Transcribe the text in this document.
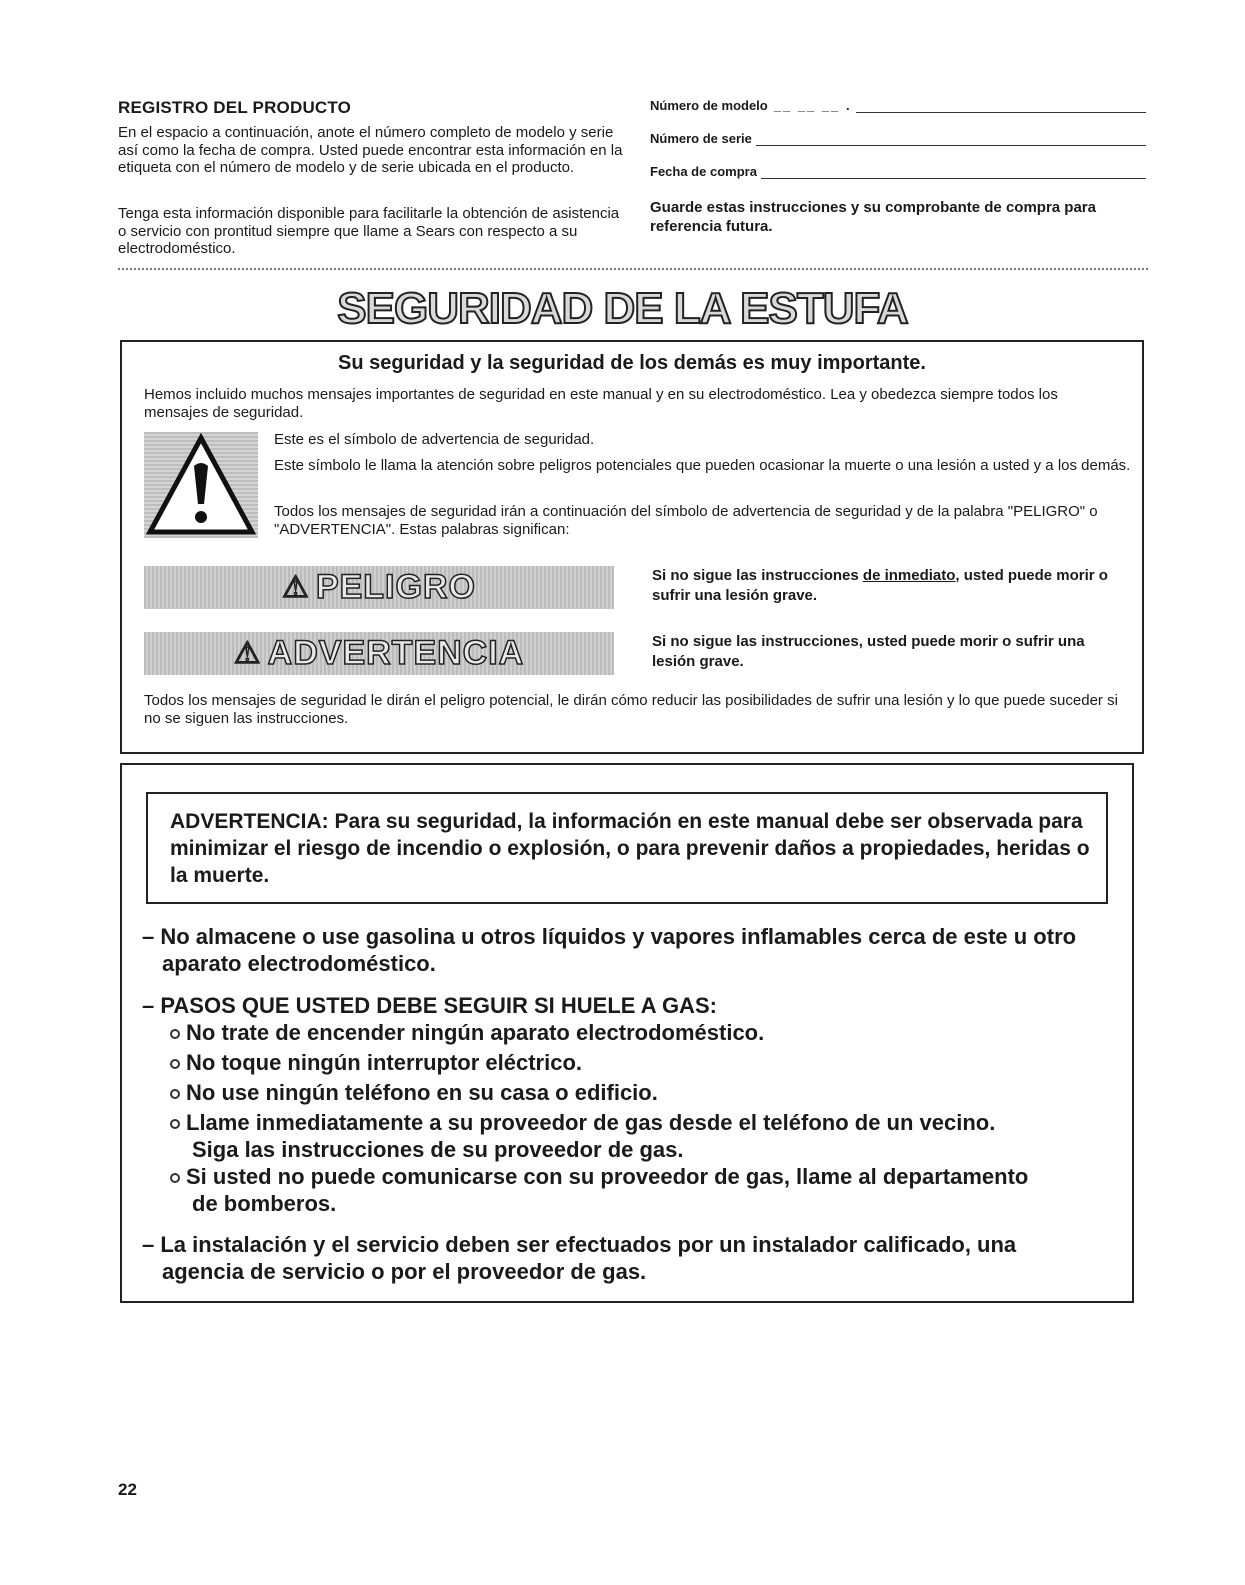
REGISTRO DEL PRODUCTO
En el espacio a continuación, anote el número completo de modelo y serie así como la fecha de compra. Usted puede encontrar esta información en la etiqueta con el número de modelo y de serie ubicada en el producto.
Tenga esta información disponible para facilitarle la obtención de asistencia o servicio con prontitud siempre que llame a Sears con respecto a su electrodoméstico.
Número de modelo __ __ __ .
Número de serie
Fecha de compra
Guarde estas instrucciones y su comprobante de compra para referencia futura.
SEGURIDAD DE LA ESTUFA
Su seguridad y la seguridad de los demás es muy importante.
Hemos incluido muchos mensajes importantes de seguridad en este manual y en su electrodoméstico. Lea y obedezca siempre todos los mensajes de seguridad.
Este es el símbolo de advertencia de seguridad.
Este símbolo le llama la atención sobre peligros potenciales que pueden ocasionar la muerte o una lesión a usted y a los demás.
Todos los mensajes de seguridad irán a continuación del símbolo de advertencia de seguridad y de la palabra "PELIGRO" o "ADVERTENCIA". Estas palabras significan:
⚠ PELIGRO	Si no sigue las instrucciones de inmediato, usted puede morir o sufrir una lesión grave.
⚠ ADVERTENCIA	Si no sigue las instrucciones, usted puede morir o sufrir una lesión grave.
Todos los mensajes de seguridad le dirán el peligro potencial, le dirán cómo reducir las posibilidades de sufrir una lesión y lo que puede suceder si no se siguen las instrucciones.
ADVERTENCIA: Para su seguridad, la información en este manual debe ser observada para minimizar el riesgo de incendio o explosión, o para prevenir daños a propiedades, heridas o la muerte.
– No almacene o use gasolina u otros líquidos y vapores inflamables cerca de este u otro
aparato electrodoméstico.
– PASOS QUE USTED DEBE SEGUIR SI HUELE A GAS:
No trate de encender ningún aparato electrodoméstico.
No toque ningún interruptor eléctrico.
No use ningún teléfono en su casa o edificio.
Llame inmediatamente a su proveedor de gas desde el teléfono de un vecino.
Siga las instrucciones de su proveedor de gas.
Si usted no puede comunicarse con su proveedor de gas, llame al departamento
de bomberos.
– La instalación y el servicio deben ser efectuados por un instalador calificado, una
agencia de servicio o por el proveedor de gas.
22
